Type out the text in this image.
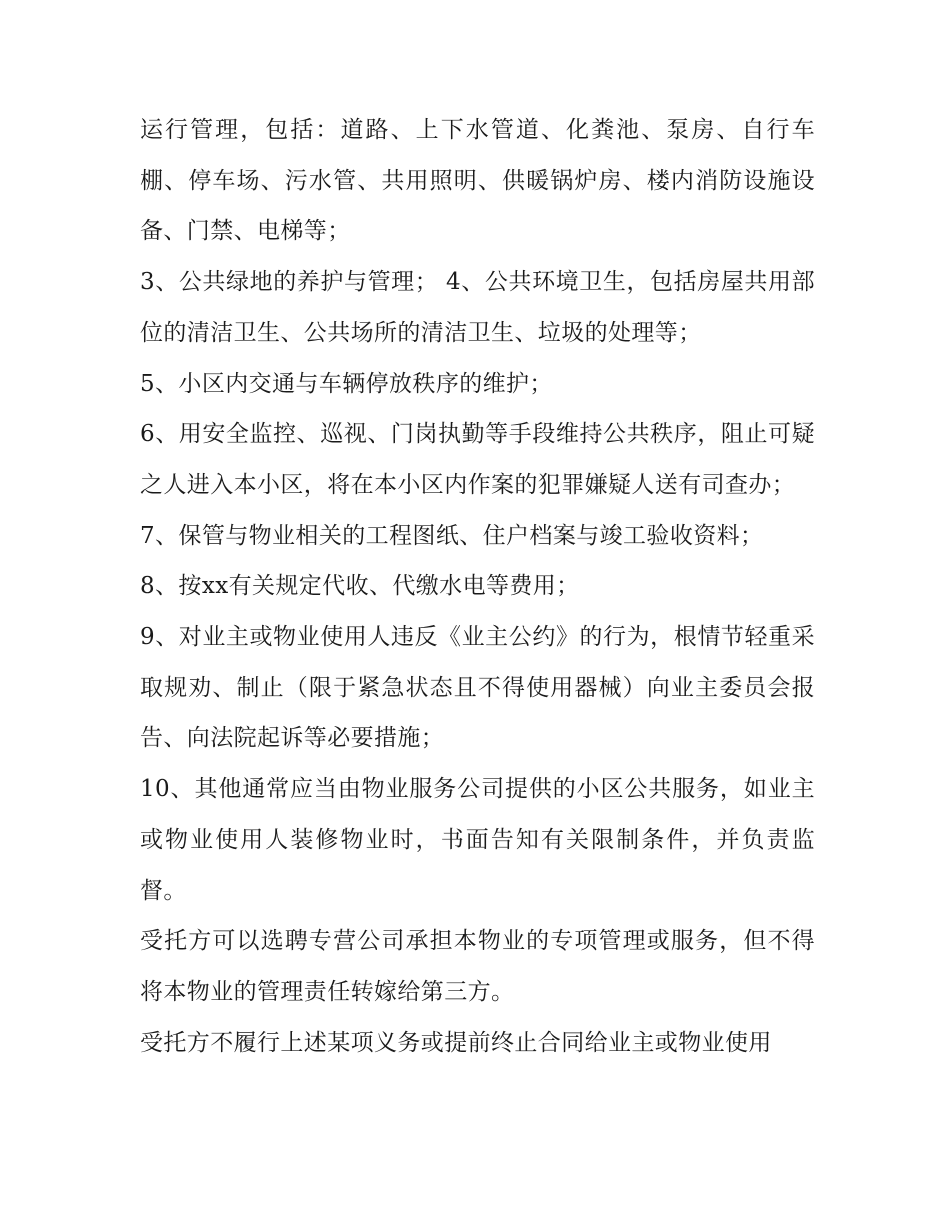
运行管理，包括：道路、上下水管道、化粪池、泵房、自行车棚、停车场、污水管、共用照明、供暖锅炉房、楼内消防设施设备、门禁、电梯等；

3、公共绿地的养护与管理； 4、公共环境卫生，包括房屋共用部位的清洁卫生、公共场所的清洁卫生、垃圾的处理等；

5、小区内交通与车辆停放秩序的维护；

6、用安全监控、巡视、门岗执勤等手段维持公共秩序，阻止可疑之人进入本小区，将在本小区内作案的犯罪嫌疑人送有司查办；

7、保管与物业相关的工程图纸、住户档案与竣工验收资料；

8、按xx有关规定代收、代缴水电等费用；

9、对业主或物业使用人违反《业主公约》的行为，根情节轻重采取规劝、制止（限于紧急状态且不得使用器械）向业主委员会报告、向法院起诉等必要措施；

10、其他通常应当由物业服务公司提供的小区公共服务，如业主或物业使用人装修物业时，书面告知有关限制条件，并负责监督。

受托方可以选聘专营公司承担本物业的专项管理或服务，但不得将本物业的管理责任转嫁给第三方。

受托方不履行上述某项义务或提前终止合同给业主或物业使用
